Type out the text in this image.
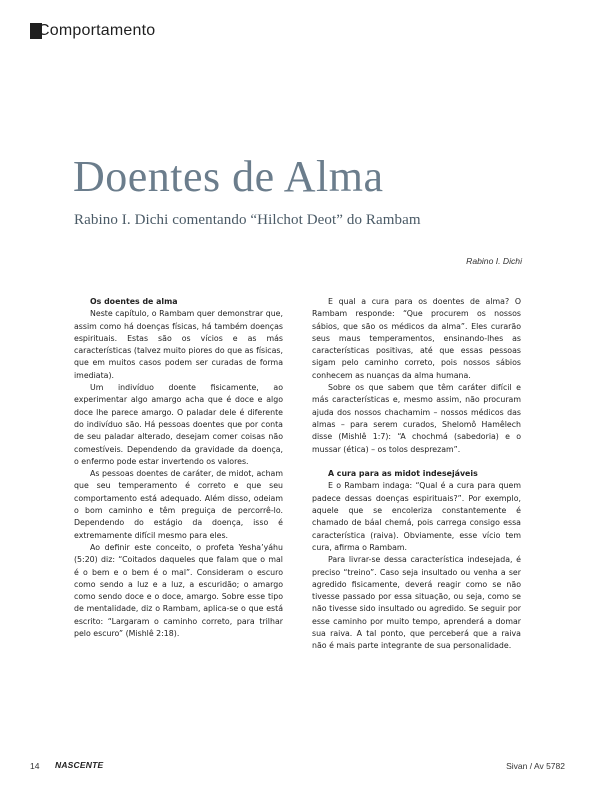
Comportamento
Doentes de Alma
Rabino I. Dichi comentando “Hilchot Deot” do Rambam
Rabino I. Dichi

Os doentes de alma

Neste capítulo, o Rambam quer demonstrar que, assim como há doenças físicas, há também doenças espirituais. Estas são os vícios e as más características (talvez muito piores do que as físicas, que em muitos casos podem ser curadas de forma imediata).

Um indivíduo doente fisicamente, ao experimentar algo amargo acha que é doce e algo doce lhe parece amargo. O paladar dele é diferente do indivíduo são. Há pessoas doentes que por conta de seu paladar alterado, desejam comer coisas não comestíveis. Dependendo da gravidade da doença, o enfermo pode estar invertendo os valores.

As pessoas doentes de caráter, de midot, acham que seu temperamento é correto e que seu comportamento está adequado. Além disso, odeiam o bom caminho e têm preguiça de percorrê-lo. Dependendo do estágio da doença, isso é extremamente difícil mesmo para eles.

Ao definir este conceito, o profeta Yesha’yáhu (5:20) diz: “Coitados daqueles que falam que o mal é o bem e o bem é o mal”. Consideram o escuro como sendo a luz e a luz, a escuridão; o amargo como sendo doce e o doce, amargo. Sobre esse tipo de mentalidade, diz o Rambam, aplica-se o que está escrito: “Largaram o caminho correto, para trilhar pelo escuro” (Mishlê 2:18).

E qual a cura para os doentes de alma? O Rambam responde: “Que procurem os nossos sábios, que são os médicos da alma”. Eles curarão seus maus temperamentos, ensinando-lhes as características positivas, até que essas pessoas sigam pelo caminho correto, pois nossos sábios conhecem as nuanças da alma humana.

Sobre os que sabem que têm caráter difícil e más características e, mesmo assim, não procuram ajuda dos nossos chachamim – nossos médicos das almas – para serem curados, Shelomô Hamêlech disse (Mishlê 1:7): “A chochmá (sabedoria) e o mussar (ética) – os tolos desprezam”.

A cura para as midot indesejáveis

E o Rambam indaga: “Qual é a cura para quem padece dessas doenças espirituais?”. Por exemplo, aquele que se encoleriza constantemente é chamado de báal chemá, pois carrega consigo essa característica (raiva). Obviamente, esse vício tem cura, afirma o Rambam.

Para livrar-se dessa característica indesejada, é preciso “treino”. Caso seja insultado ou venha a ser agredido fisicamente, deverá reagir como se não tivesse passado por essa situação, ou seja, como se não tivesse sido insultado ou agredido. Se seguir por esse caminho por muito tempo, aprenderá a domar sua raiva. A tal ponto, que perceberá que a raiva não é mais parte integrante de sua personalidade.

14 NASCENTE	Sivan / Av 5782
